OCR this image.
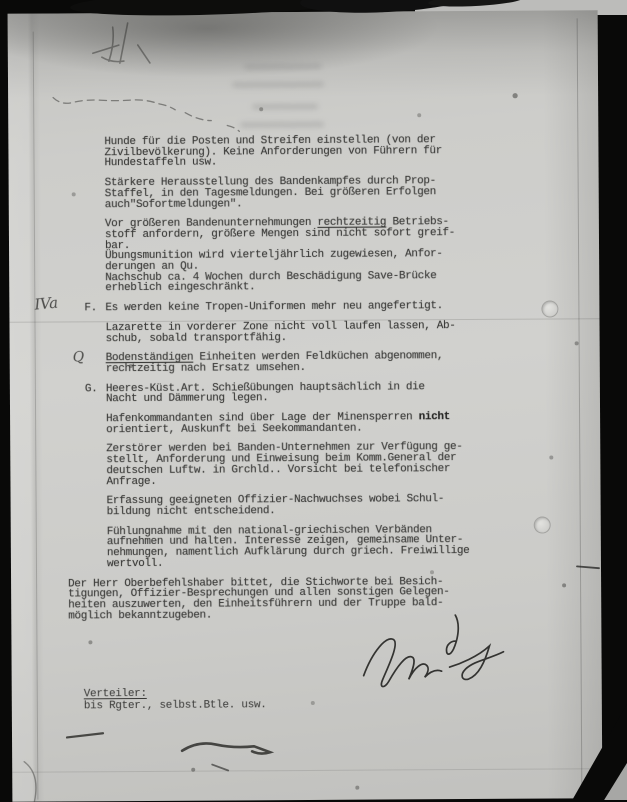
Hunde für die Posten und Streifen einstellen (von der
Zivilbevölkerung). Keine Anforderungen von Führern für
Hundestaffeln usw.
Stärkere Herausstellung des Bandenkampfes durch Prop-
Staffel, in den Tagesmeldungen. Bei größeren Erfolgen
auch"Sofortmeldungen".
Vor größeren Bandenunternehmungen rechtzeitig Betriebs-
stoff anfordern, größere Mengen sind nicht sofort greif-
bar.
Übungsmunition wird vierteljährlich zugewiesen, Anfor-
derungen an Qu.
Nachschub ca. 4 Wochen durch Beschädigung Save-Brücke
erheblich eingeschränkt.
IVa F. Es werden keine Tropen-Uniformen mehr neu angefertigt.
Lazarette in vorderer Zone nicht voll laufen lassen, Ab-
schub, sobald transportfähig.
Q Bodenständigen Einheiten werden Feldküchen abgenommen,
rechtzeitig nach Ersatz umsehen.
G. Heeres-Küst.Art. Schießübungen hauptsächlich in die
Nacht und Dämmerung legen.
Hafenkommandanten sind über Lage der Minensperren nicht
orientiert, Auskunft bei Seekommandanten.
Zerstörer werden bei Banden-Unternehmen zur Verfügung ge-
stellt, Anforderung und Einweisung beim Komm.General der
deutschen Luftw. in Grchld.. Vorsicht bei telefonischer
Anfrage.
Erfassung geeigneten Offizier-Nachwuchses wobei Schul-
bildung nicht entscheidend.
Fühlungnahme mit den national-griechischen Verbänden
aufnehmen und halten. Interesse zeigen, gemeinsame Unter-
nehmungen, namentlich Aufklärung durch griech. Freiwillige
wertvoll.
Der Herr Oberbefehlshaber bittet, die Stichworte bei Besich-
tigungen, Offizier-Besprechungen und allen sonstigen Gelegen-
heiten auszuwerten, den Einheitsführern und der Truppe bald-
möglich bekanntzugeben.
Verteiler:
bis Rgter., selbst.Btle. usw.
